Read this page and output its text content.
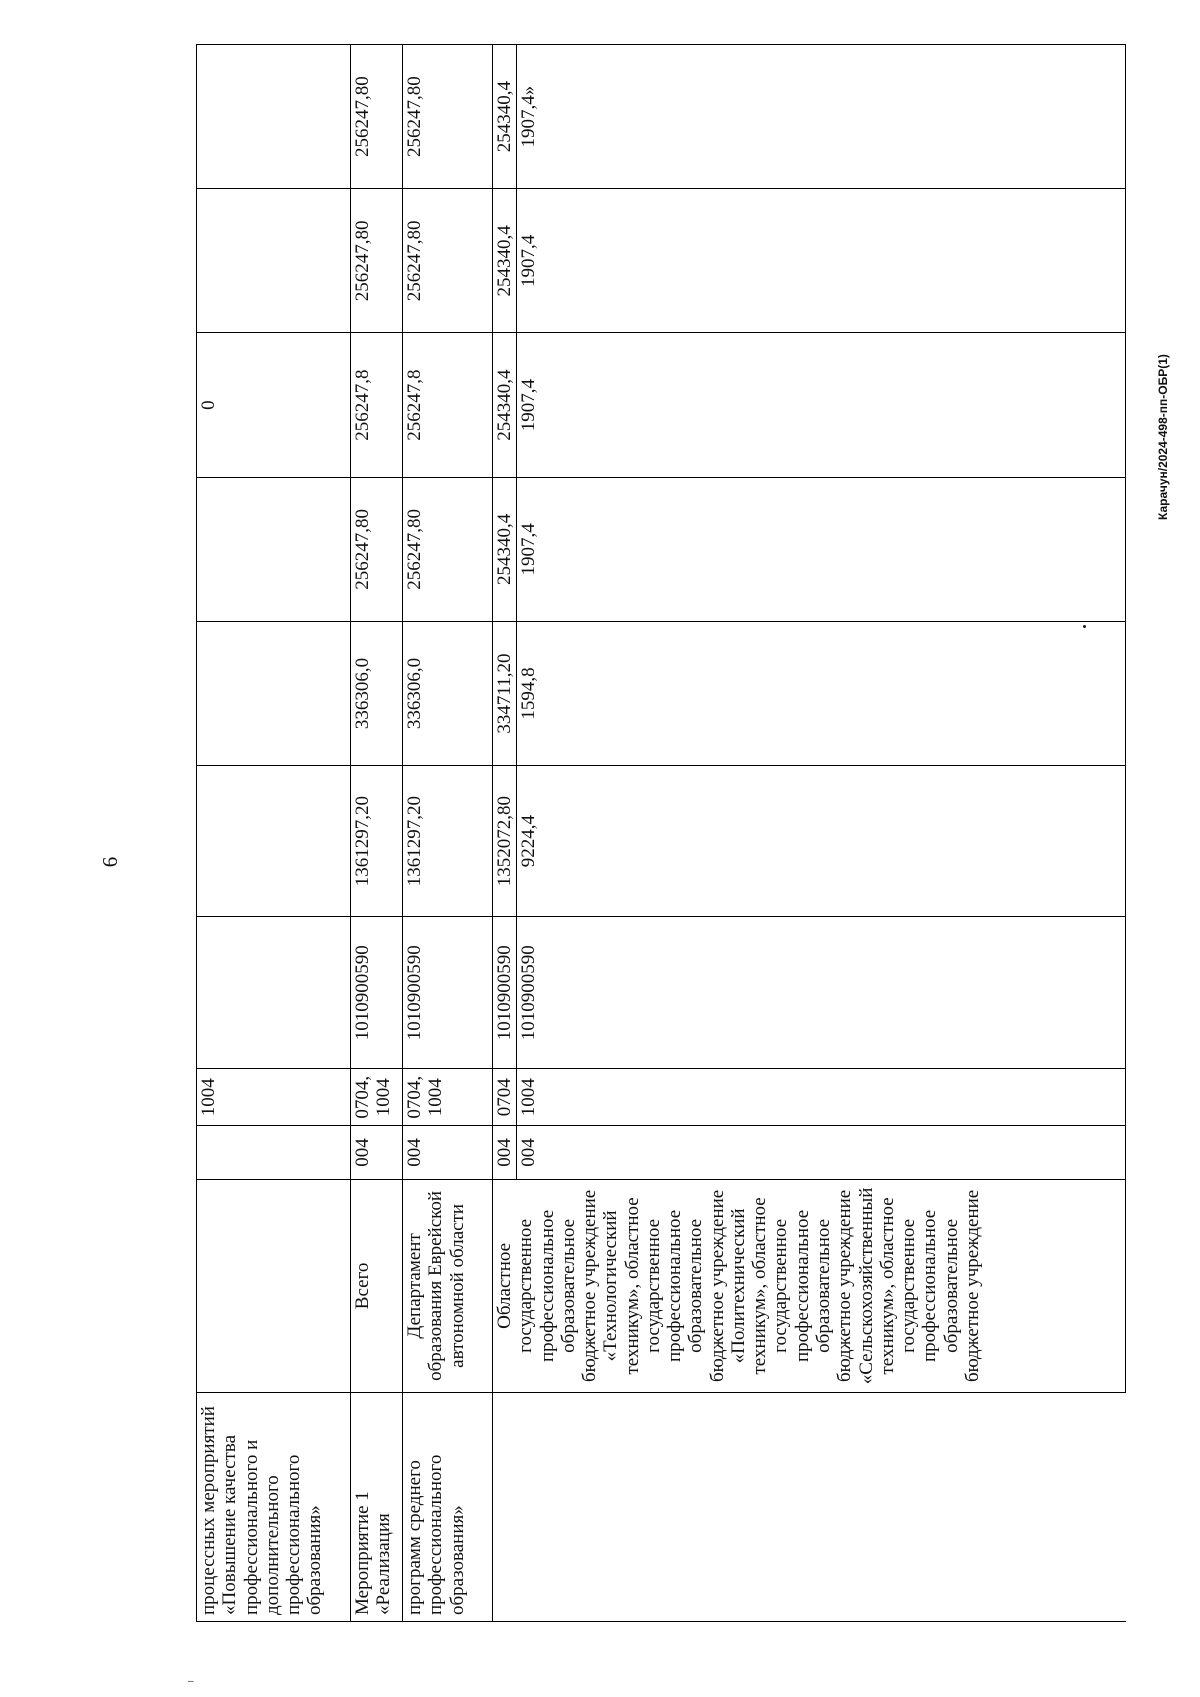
6
Карачун/2024-498-пп-ОБР(1)
–
процессных мероприятий «Повышение качества профессионального и дополнительного профессионального образования»			1004					0		
Мероприятие 1 «Реализация	Всего	004	0704, 1004	1010900590	1361297,20	336306,0	256247,80	256247,8	256247,80	256247,80
программ среднего профессионального образования»	Департамент образования Еврейской автономной области	004	0704, 1004	1010900590	1361297,20	336306,0	256247,80	256247,8	256247,80	256247,80
	Областное государственное профессиональное образовательное бюджетное учреждение «Технологический техникум», областное государственное профессиональное образовательное бюджетное учреждение «Политехнический техникум», областное государственное профессиональное образовательное бюджетное учреждение «Сельскохозяйственный техникум», областное государственное профессиональное образовательное бюджетное учреждение	004	0704	1010900590	1352072,80	334711,20	254340,4	254340,4	254340,4	254340,4
		004	1004	1010900590	9224,4	1594,8	1907,4	1907,4	1907,4	1907,4»
